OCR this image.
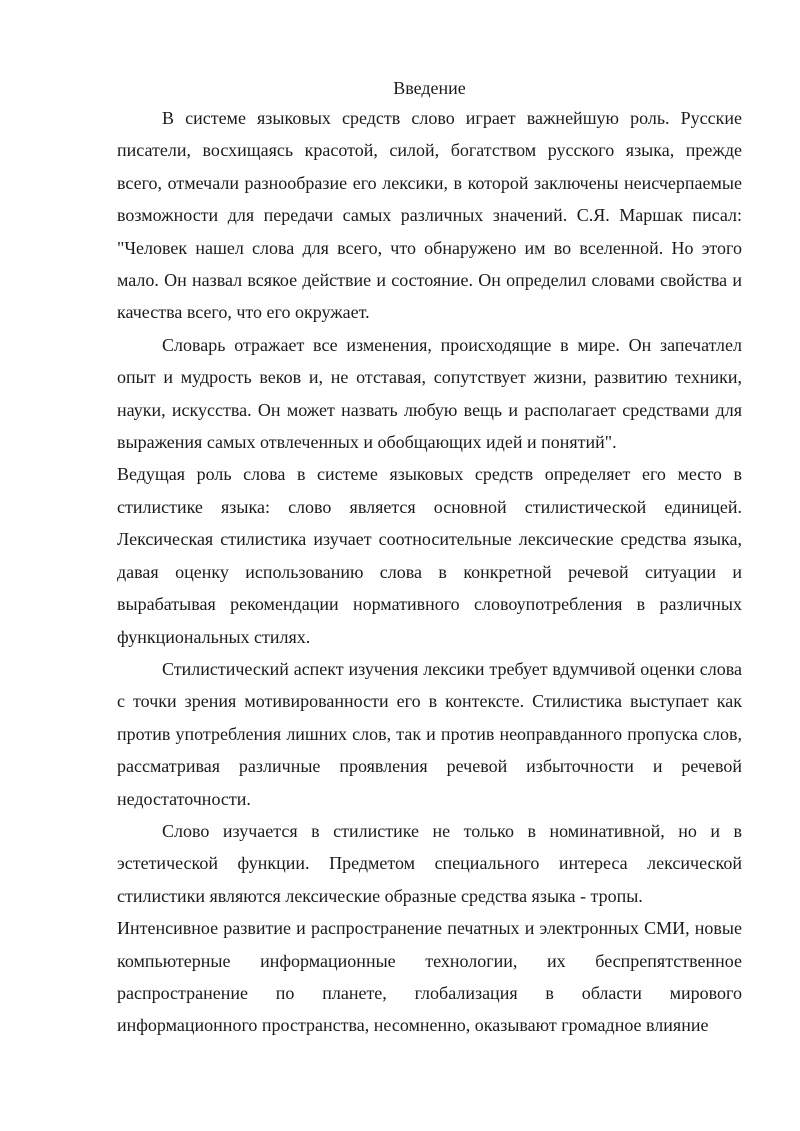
Введение

В системе языковых средств слово играет важнейшую роль. Русские писатели, восхищаясь красотой, силой, богатством русского языка, прежде всего, отмечали разнообразие его лексики, в которой заключены неисчерпаемые возможности для передачи самых различных значений. С.Я. Маршак писал: "Человек нашел слова для всего, что обнаружено им во вселенной. Но этого мало. Он назвал всякое действие и состояние. Он определил словами свойства и качества всего, что его окружает.

Словарь отражает все изменения, происходящие в мире. Он запечатлел опыт и мудрость веков и, не отставая, сопутствует жизни, развитию техники, науки, искусства. Он может назвать любую вещь и располагает средствами для выражения самых отвлеченных и обобщающих идей и понятий".

Ведущая роль слова в системе языковых средств определяет его место в стилистике языка: слово является основной стилистической единицей. Лексическая стилистика изучает соотносительные лексические средства языка, давая оценку использованию слова в конкретной речевой ситуации и вырабатывая рекомендации нормативного словоупотребления в различных функциональных стилях.

Стилистический аспект изучения лексики требует вдумчивой оценки слова с точки зрения мотивированности его в контексте. Стилистика выступает как против употребления лишних слов, так и против неоправданного пропуска слов, рассматривая различные проявления речевой избыточности и речевой недостаточности.

Слово изучается в стилистике не только в номинативной, но и в эстетической функции. Предметом специального интереса лексической стилистики являются лексические образные средства языка - тропы.

Интенсивное развитие и распространение печатных и электронных СМИ, новые компьютерные информационные технологии, их беспрепятственное распространение по планете, глобализация в области мирового информационного пространства, несомненно, оказывают громадное влияние
